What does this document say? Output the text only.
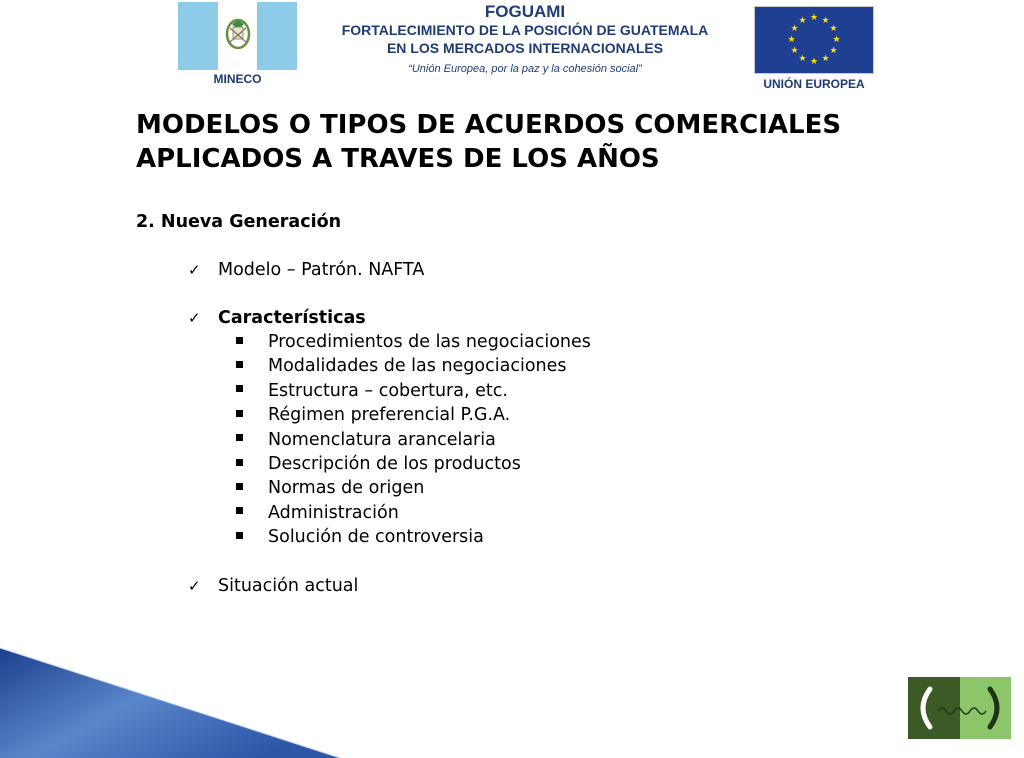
MINECO
FOGUAMI
FORTALECIMIENTO DE LA POSICIÓN DE GUATEMALA
EN LOS MERCADOS INTERNACIONALES
“Unión Europea, por la paz y la cohesión social”
★ ★
★
★
★
★
★
★
★
★
★
★
UNIÓN EUROPEA
MODELOS O TIPOS DE ACUERDOS COMERCIALES
APLICADOS A TRAVES DE LOS AÑOS
2. Nueva Generación
✓ Modelo – Patrón. NAFTA
✓ Características
Procedimientos de las negociaciones
Modalidades de las negociaciones
Estructura – cobertura, etc.
Régimen preferencial P.G.A.
Nomenclatura arancelaria
Descripción de los productos
Normas de origen
Administración
Solución de controversia
✓ Situación actual
